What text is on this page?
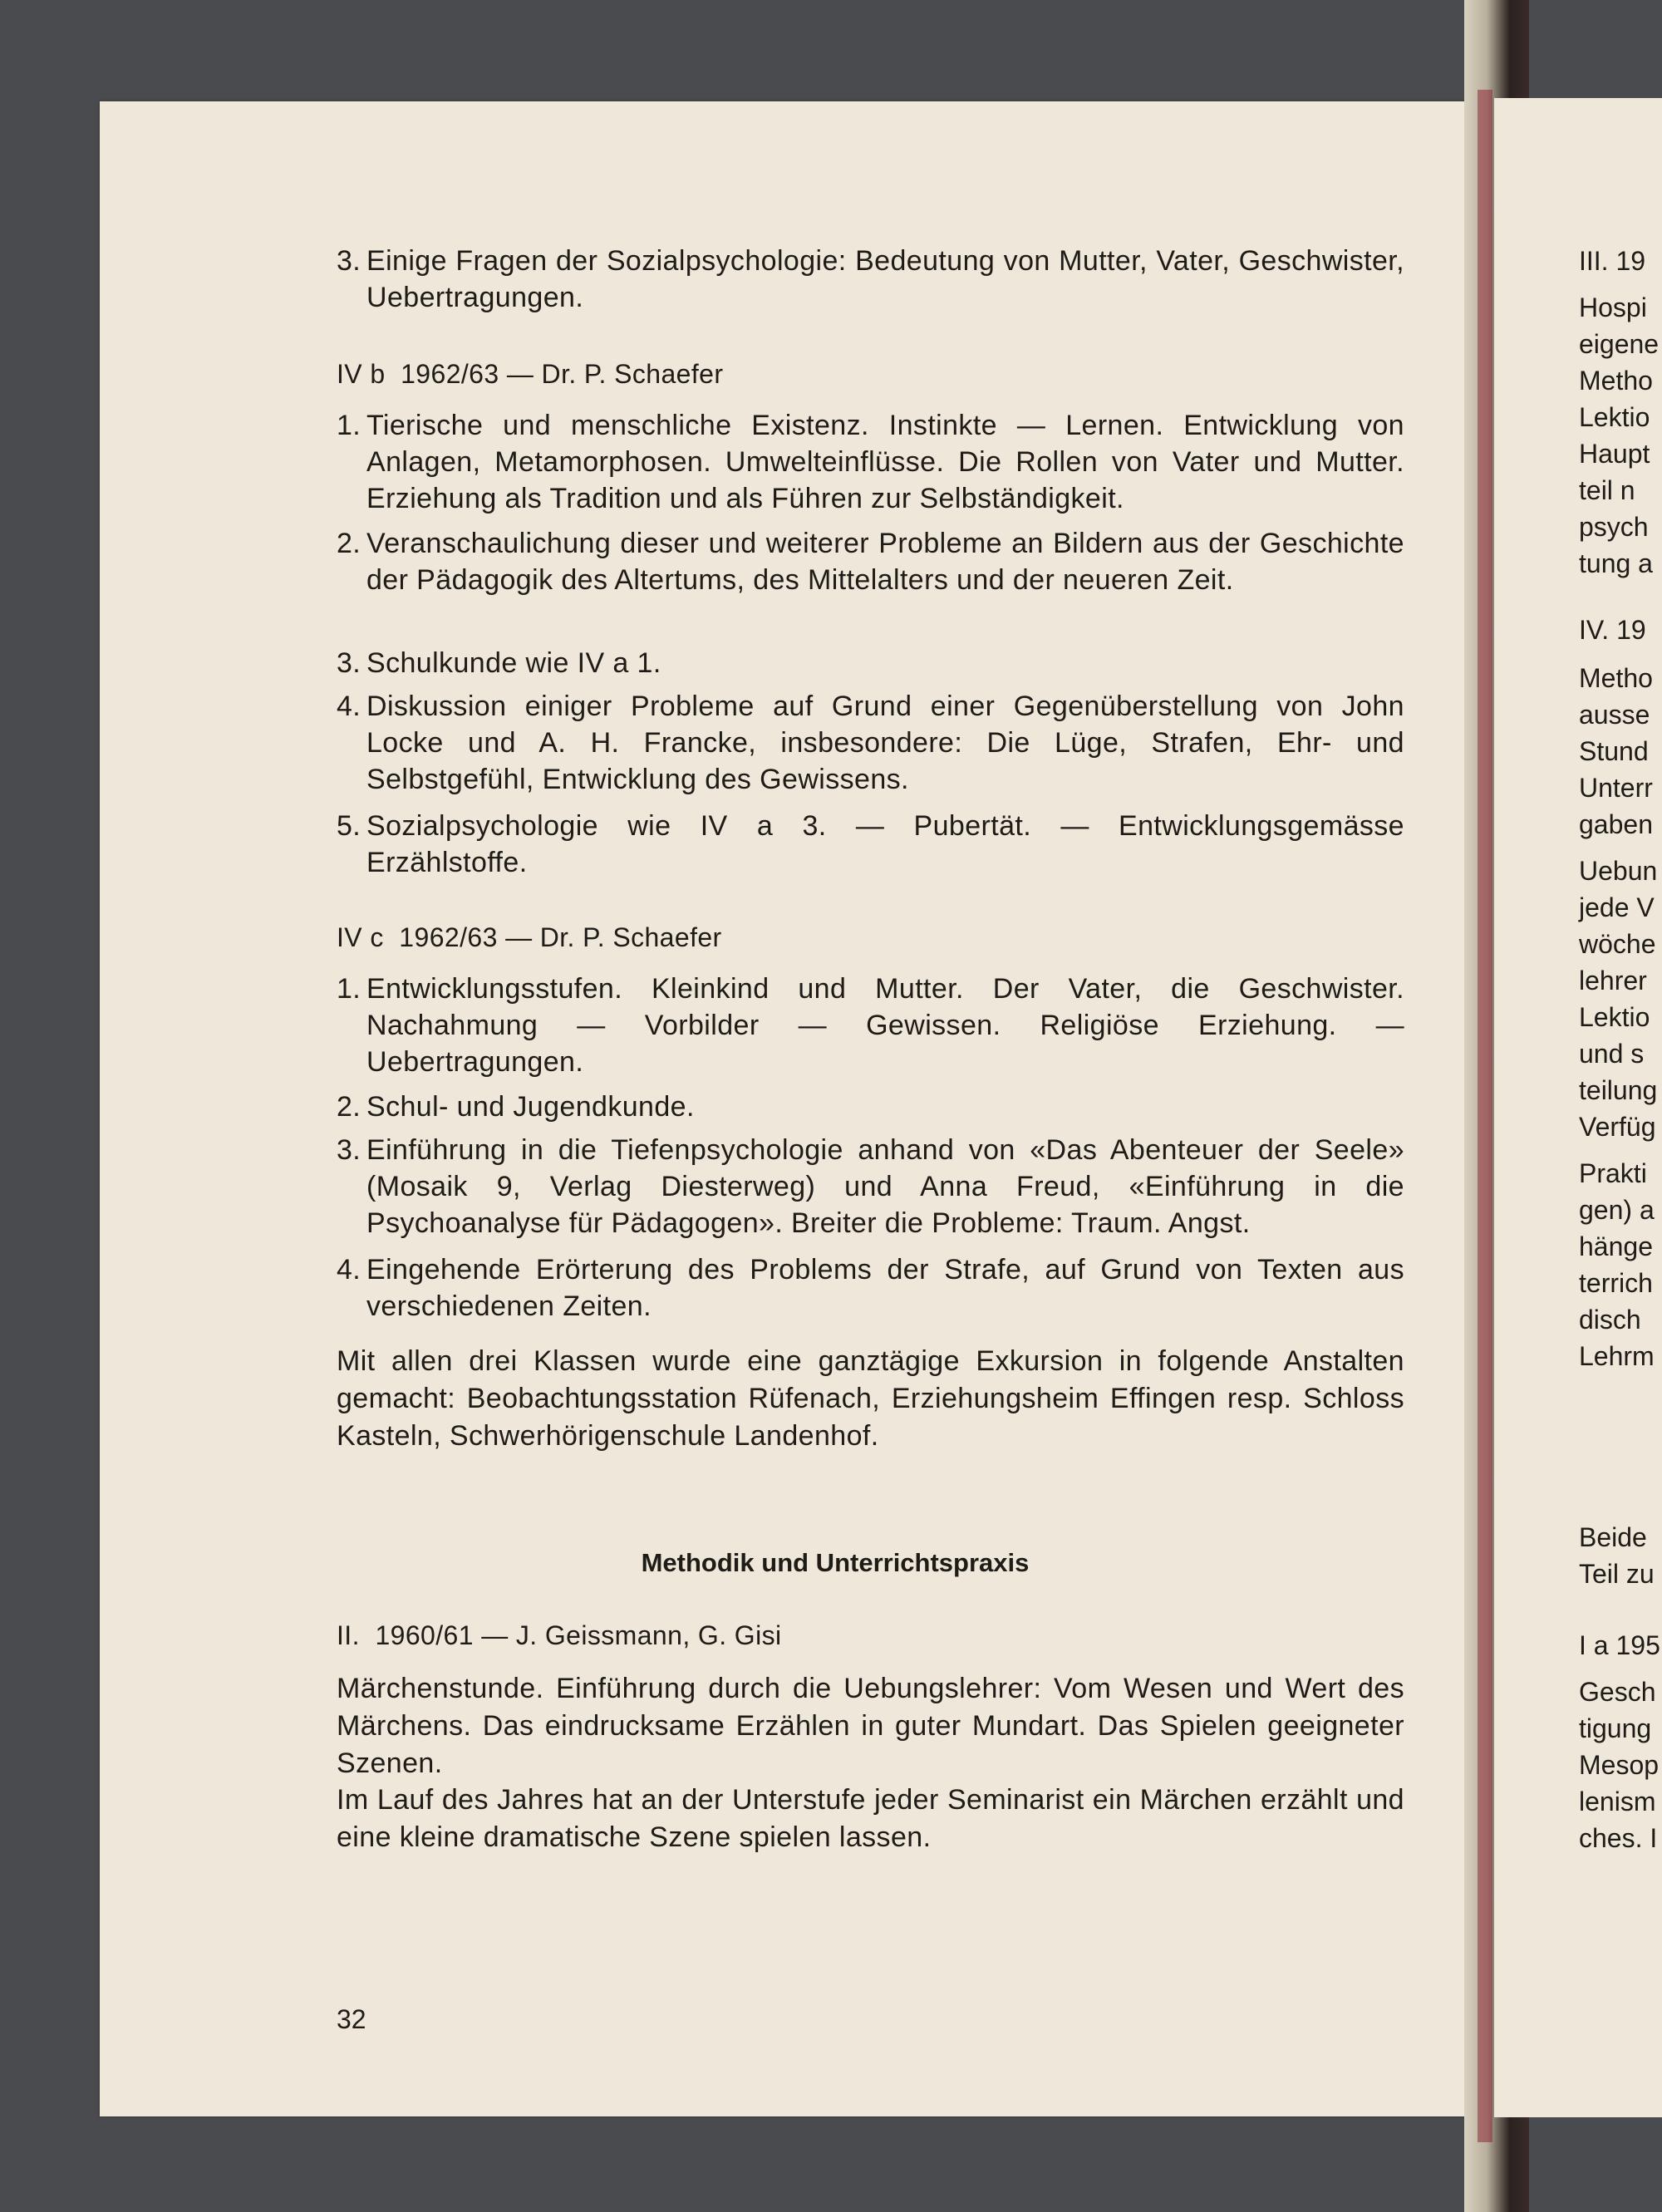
3. Einige Fragen der Sozialpsychologie: Bedeutung von Mutter, Vater, Geschwister, Uebertragungen.
IV b  1962/63 — Dr. P. Schaefer
1. Tierische und menschliche Existenz. Instinkte — Lernen. Entwicklung von Anlagen, Metamorphosen. Umwelteinflüsse. Die Rollen von Vater und Mutter. Erziehung als Tradition und als Führen zur Selbständigkeit.
2. Veranschaulichung dieser und weiterer Probleme an Bildern aus der Geschichte der Pädagogik des Altertums, des Mittelalters und der neueren Zeit.
3. Schulkunde wie IV a 1.
4. Diskussion einiger Probleme auf Grund einer Gegenüberstellung von John Locke und A. H. Francke, insbesondere: Die Lüge, Strafen, Ehr- und Selbstgefühl, Entwicklung des Gewissens.
5. Sozialpsychologie wie IV a 3. — Pubertät. — Entwicklungsgemässe Erzählstoffe.
IV c  1962/63 — Dr. P. Schaefer
1. Entwicklungsstufen. Kleinkind und Mutter. Der Vater, die Geschwister. Nachahmung — Vorbilder — Gewissen. Religiöse Erziehung. — Uebertragungen.
2. Schul- und Jugendkunde.
3. Einführung in die Tiefenpsychologie anhand von «Das Abenteuer der Seele» (Mosaik 9, Verlag Diesterweg) und Anna Freud, «Einführung in die Psychoanalyse für Pädagogen». Breiter die Probleme: Traum. Angst.
4. Eingehende Erörterung des Problems der Strafe, auf Grund von Texten aus verschiedenen Zeiten.
Mit allen drei Klassen wurde eine ganztägige Exkursion in folgende Anstalten gemacht: Beobachtungsstation Rüfenach, Erziehungsheim Effingen resp. Schloss Kasteln, Schwerhörigenschule Landenhof.
Methodik und Unterrichtspraxis
II.  1960/61 — J. Geissmann, G. Gisi
Märchenstunde. Einführung durch die Uebungslehrer: Vom Wesen und Wert des Märchens. Das eindrucksame Erzählen in guter Mundart. Das Spielen geeigneter Szenen.
Im Lauf des Jahres hat an der Unterstufe jeder Seminarist ein Märchen erzählt und eine kleine dramatische Szene spielen lassen.
32
III. 19
Hospi
eigene
Metho
Lektio
Haupt
teil n
psych
tung a
IV. 19
Metho
ausse
Stund
Unterr
gaben
Uebun
jede V
wöche
lehrer
Lektio
und s
teilung
Verfüg
Prakti
gen) a
hänge
terrich
disch
Lehrm
Beide
Teil zu
I a 195
Gesch
tigung
Mesop
lenism
ches. I
